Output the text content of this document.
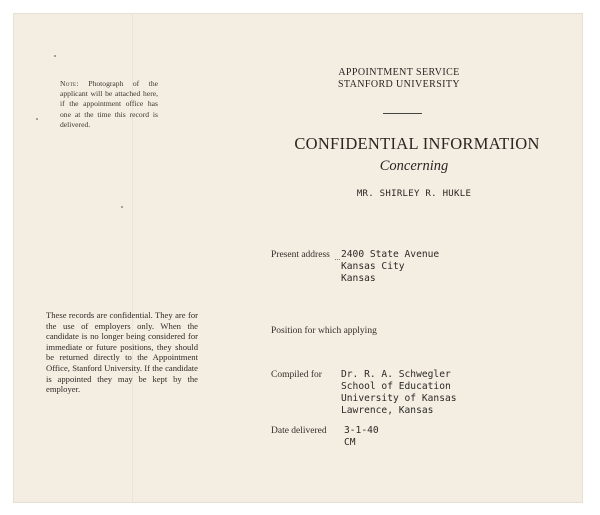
Note: Photograph of the applicant will be attached here, if the appointment office has one at the time this record is delivered.
APPOINTMENT SERVICE
STANFORD UNIVERSITY
CONFIDENTIAL INFORMATION
Concerning
MR. SHIRLEY R. HUKLE
Present address 2400 State Avenue
Kansas City
Kansas
Position for which applying
Compiled for Dr. R. A. Schwegler
School of Education
University of Kansas
Lawrence, Kansas
Date delivered 3-1-40
CM
These records are confidential. They are for the use of employers only. When the candidate is no longer being considered for immediate or future positions, they should be returned directly to the Appointment Office, Stanford University. If the candidate is appointed they may be kept by the employer.
